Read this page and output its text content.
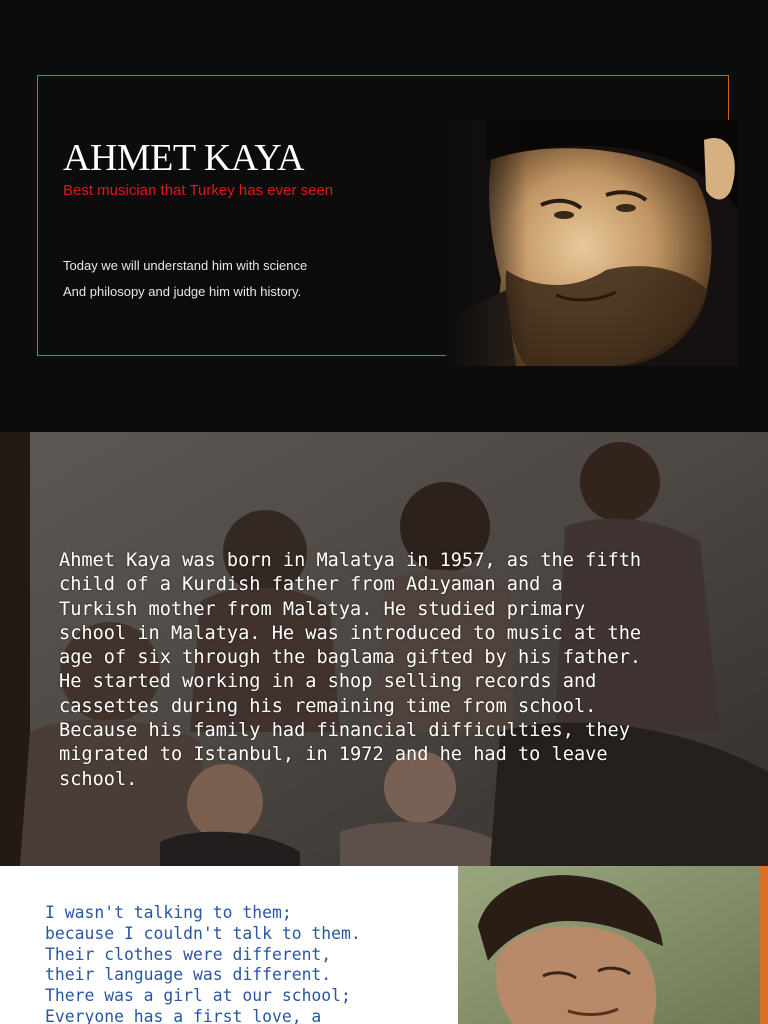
AHMET KAYA

Best musician that Turkey has ever seen

Today we will understand him with science

And philosopy and judge him with history.

Ahmet Kaya was born in Malatya in 1957, as the fifth
child of a Kurdish father from Adıyaman and a
Turkish mother from Malatya. He studied primary
school in Malatya. He was introduced to music at the
age of six through the baglama gifted by his father.
He started working in a shop selling records and
cassettes during his remaining time from school.
Because his family had financial difficulties, they
migrated to Istanbul, in 1972 and he had to leave
school.

I wasn't talking to them;
because I couldn't talk to them.
Their clothes were different,
their language was different.
There was a girl at our school;
Everyone has a first love, a
